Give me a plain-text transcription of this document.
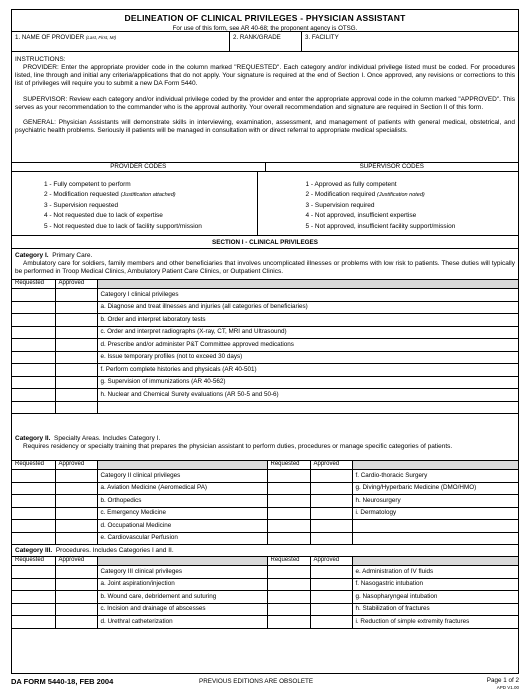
DELINEATION OF CLINICAL PRIVILEGES - PHYSICIAN ASSISTANT
For use of this form, see AR 40-68; the proponent agency is OTSG.
1. NAME OF PROVIDER (Last, First, MI)	2. RANK/GRADE	3. FACILITY

INSTRUCTIONS:

PROVIDER: Enter the appropriate provider code in the column marked "REQUESTED". Each category and/or individual privilege listed must be coded. For procedures listed, line through and initial any criteria/applications that do not apply. Your signature is required at the end of Section I. Once approved, any revisions or corrections to this list of privileges will require you to submit a new DA Form 5440.

SUPERVISOR: Review each category and/or individual privilege coded by the provider and enter the appropriate approval code in the column marked "APPROVED". This serves as your recommendation to the commander who is the approval authority. Your overall recommendation and signature are required in Section II of this form.

GENERAL: Physician Assistants will demonstrate skills in interviewing, examination, assessment, and management of patients with general medical, obstetrical, and psychiatric health problems. Seriously ill patients will be managed in consultation with or direct referral to appropriate medical specialists.

PROVIDER CODES	SUPERVISOR CODES
1 - Fully competent to perform
2 - Modification requested (Justification attached)
3 - Supervision requested
4 - Not requested due to lack of expertise
5 - Not requested due to lack of facility support/mission
1 - Approved as fully competent
2 - Modification required (Justification noted)
3 - Supervision required
4 - Not approved, insufficient expertise
5 - Not approved, insufficient facility support/mission
SECTION I - CLINICAL PRIVILEGES

Category I. Primary Care.

Ambulatory care for soldiers, family members and other beneficiaries that involves uncomplicated illnesses or problems with low risk to patients. These duties will typically be performed in Troop Medical Clinics, Ambulatory Patient Care Clinics, or Outpatient Clinics.

Requested	Approved	
		Category I clinical privileges
		a. Diagnose and treat illnesses and injuries (all categories of beneficiaries)
		b. Order and interpret laboratory tests
		c. Order and interpret radiographs (X-ray, CT, MRI and Ultrasound)
		d. Prescribe and/or administer P&T Committee approved medications
		e. Issue temporary profiles (not to exceed 30 days)
		f. Perform complete histories and physicals (AR 40-501)
		g. Supervision of immunizations (AR 40-562)
		h. Nuclear and Chemical Surety evaluations (AR 50-5 and 50-6)

Category II. Specialty Areas. Includes Category I.

Requires residency or specialty training that prepares the physician assistant to perform duties, procedures or manage specific categories of patients.

Requested	Approved		Requested	Approved	
		Category II clinical privileges			f. Cardio-thoracic Surgery
		a. Aviation Medicine (Aeromedical PA)			g. Diving/Hyperbaric Medicine (DMO/HMO)
		b. Orthopedics			h. Neurosurgery
		c. Emergency Medicine			i. Dermatology
		d. Occupational Medicine			
		e. Cardiovascular Perfusion			
Category III. Procedures. Includes Categories I and II.
Requested	Approved		Requested	Approved	
		Category III clinical privileges			e. Administration of IV fluids
		a. Joint aspiration/injection			f. Nasogastric intubation
		b. Wound care, debridement and suturing			g. Nasopharyngeal intubation
		c. Incision and drainage of abscesses			h. Stabilization of fractures
		d. Urethral catheterization			i. Reduction of simple extremity fractures
DA FORM 5440-18, FEB 2004	PREVIOUS EDITIONS ARE OBSOLETE	Page 1 of 2
APD V1.00
